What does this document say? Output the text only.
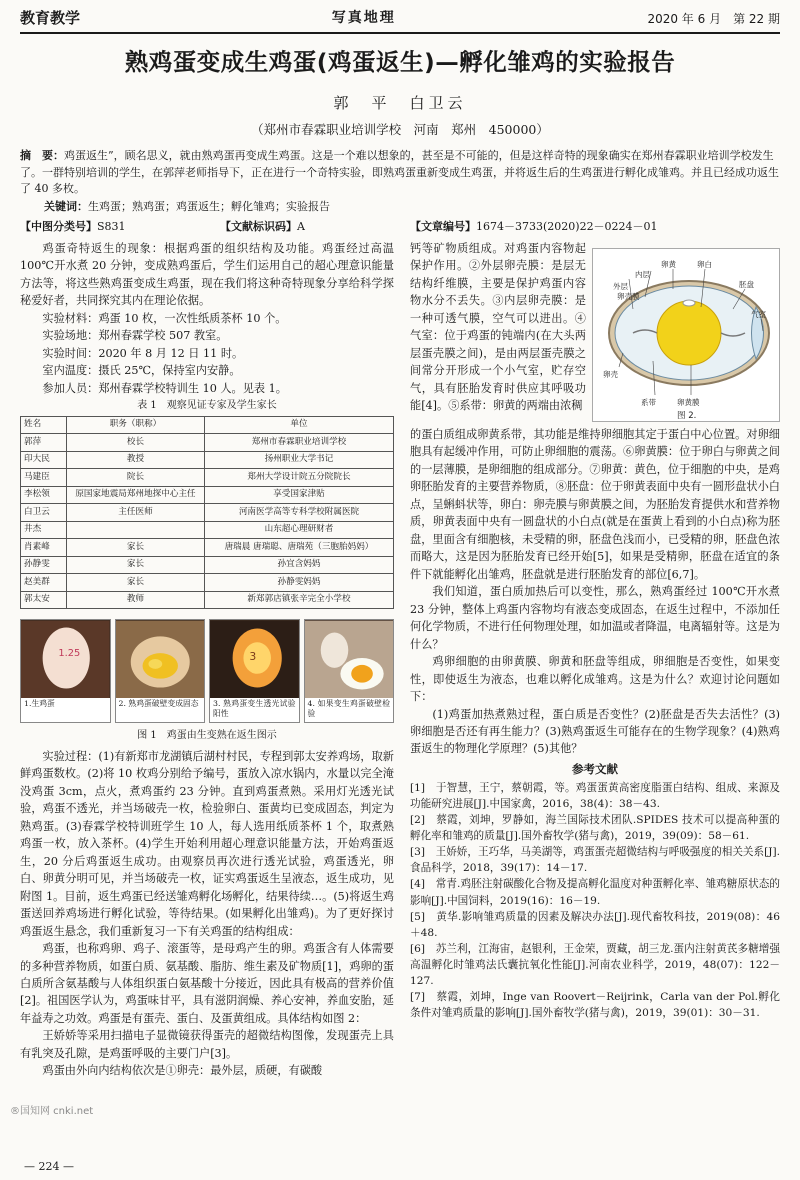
教育教学	写真地理	2020 年 6 月　第 22 期
熟鸡蛋变成生鸡蛋(鸡蛋返生)—孵化雏鸡的实验报告
郭　平　白卫云
（郑州市春霖职业培训学校　河南　郑州　450000）
摘　要：鸡蛋返生”，顾名思义，就由熟鸡蛋再变成生鸡蛋。这是一个难以想象的，甚至是不可能的，但是这样奇特的现象确实在郑州春霖职业培训学校发生了。一群特别培训的学生，在郭萍老师指导下，正在进行一个奇特实验，即熟鸡蛋重新变成生鸡蛋，并将返生后的生鸡蛋进行孵化成雏鸡。并且已经成功返生了 40 多枚。
关键词：生鸡蛋；熟鸡蛋；鸡蛋返生；孵化雏鸡；实验报告
【中图分类号】S831	【文献标识码】A	【文章编号】1674－3733(2020)22－0224－01

鸡蛋奇特返生的现象：根据鸡蛋的组织结构及功能。鸡蛋经过高温 100℃开水煮 20 分钟，变成熟鸡蛋后，学生们运用自己的超心理意识能量方法等，将这些熟鸡蛋变成生鸡蛋，现在我们将这种奇特现象分享给科学探秘爱好者，共同探究其内在理论依据。

实验材料：鸡蛋 10 枚，一次性纸质茶杯 10 个。

实验场地：郑州春霖学校 507 教室。

实验时间：2020 年 8 月 12 日 11 时。

室内温度：摄氏 25℃，保持室内安静。

参加人员：郑州春霖学校特训生 10 人。见表 1。

表 1　观察见证专家及学生家长
姓名	职务（职称）	单位
郭萍	校长	郑州市春霖职业培训学校
印大民	教授	扬州职业大学书记
马建臣	院长	郑州大学设计院五分院院长
李松领	原国家地震局郑州地探中心主任	享受国家津贴
白卫云	主任医师	河南医学高等专科学校附属医院
井杰		山东超心理研财者
肖素峰	家长	唐瑞晨 唐瑞聪、唐瑞苑（三胞胎妈妈）
孙静雯	家长	孙宜含妈妈
赵美群	家长	孙静雯妈妈
郭太安	教师	新郑郭店镇张辛完全小学校
1.25
1.生鸡蛋	2. 熟鸡蛋破壁变成固态
3
3. 熟鸡蛋变生透光试验阳性
4. 如果变生鸡蛋破壁检验
图 1　鸡蛋由生变熟在返生图示

实验过程：(1)有新郑市龙湖镇后湖村村民，专程到郭太安养鸡场，取新鲜鸡蛋数枚。(2)将 10 枚鸡分别给予编号，蛋放入凉水锅内，水量以完全淹没鸡蛋 3cm，点火，煮鸡蛋约 23 分钟。直到鸡蛋煮熟。采用灯光透光试验，鸡蛋不透光，并当场破壳一枚，检验卵白、蛋黄均已变成固态，判定为熟鸡蛋。(3)春霖学校特训班学生 10 人，每人选用纸质茶杯 1 个，取煮熟鸡蛋一枚，放入茶杯。(4)学生开始利用超心理意识能量方法，开始鸡蛋返生，20 分后鸡蛋返生成功。由观察员再次进行透光试验，鸡蛋透光，卵白、卵黄分明可见，并当场破壳一枚，证实鸡蛋返生呈液态，返生成功，见附图 1。目前，返生鸡蛋已经送雏鸡孵化场孵化，结果待续…。(5)将返生鸡蛋送回养鸡场进行孵化试验，等待结果。(如果孵化出雏鸡)。为了更好探讨鸡蛋返生悬念，我们重新复习一下有关鸡蛋的结构组成：

鸡蛋，也称鸡卵、鸡子、滚蛋等，是母鸡产生的卵。鸡蛋含有人体需要的多种营养物质，如蛋白质、氨基酸、脂肪、维生素及矿物质[1]，鸡卵的蛋白质所含氨基酸与人体组织蛋白氨基酸十分接近，因此具有极高的营养价值[2]。祖国医学认为，鸡蛋味甘平，具有滋阴润燥、养心安神，养血安胎，延年益寿之功效。鸡蛋是有蛋壳、蛋白、及蛋黄组成。具体结构如图 2：

王娇娇等采用扫描电子显微镜获得蛋壳的超微结构图像，发现蛋壳上具有乳突及孔隙，是鸡蛋呼吸的主要门户[3]。

鸡蛋由外向内结构依次是①卵壳：最外层，质硬，有碳酸

内层
外层
卵壳膜
卵黄	卵白
胚盘
气室
卵壳
系带	卵黄膜
图 2.

钙等矿物质组成。对鸡蛋内容物起保护作用。②外层卵壳膜：是层无结构纤维膜，主要是保护鸡蛋内容物水分不丢失。③内层卵壳膜：是一种可透气膜，空气可以进出。④气室：位于鸡蛋的钝端内(在大头两层蛋壳膜之间)，是由两层蛋壳膜之间常分开形成一个小气室，贮存空气，具有胚胎发育时供应其呼吸功能[4]。⑤系带：卵黄的两端由浓稠

的蛋白质组成卵黄系带，其功能是维持卵细胞其定于蛋白中心位置。对卵细胞具有起缓冲作用，可防止卵细胞的震荡。⑥卵黄膜：位于卵白与卵黄之间的一层薄膜，是卵细胞的组成部分。⑦卵黄：黄色，位于细胞的中央，是鸡卵胚胎发育的主要营养物质，⑧胚盘：位于卵黄表面中央有一圆形盘状小白点，呈蝌蚪状等，卵白：卵壳膜与卵黄膜之间，为胚胎发育提供水和营养物质，卵黄表面中央有一圆盘状的小白点(就是在蛋黄上看到的小白点)称为胚盘，里面含有细胞核，未受精的卵，胚盘色浅而小，已受精的卵，胚盘色浓而略大，这是因为胚胎发育已经开始[5]，如果是受精卵，胚盘在适宜的条件下就能孵化出雏鸡，胚盘就是进行胚胎发育的部位[6,7]。

我们知道，蛋白质加热后可以变性，那么，熟鸡蛋经过 100℃开水煮 23 分钟，整体上鸡蛋内容物均有液态变成固态，在返生过程中，不添加任何化学物质，不进行任何物理处理，如加温或者降温，电离辐射等。这是为什么？

鸡卵细胞的由卵黄膜、卵黄和胚盘等组成，卵细胞是否变性，如果变性，即使返生为液态，也难以孵化成雏鸡。这是为什么？欢迎讨论问题如下：

(1)鸡蛋加热煮熟过程，蛋白质是否变性？(2)胚盘是否失去活性？(3)卵细胞是否还有再生能力？(3)熟鸡蛋返生可能存在的生物学现象？(4)熟鸡蛋返生的物理化学原理？(5)其他？

参考文献

[1]　于智慧，王宁，蔡朝霞，等。鸡蛋蛋黄高密度脂蛋白结构、组成、来源及功能研究进展[J].中国家禽，2016，38(4)：38－43.
[2]　蔡霞，刘坤，罗静如，海兰国际技术团队.SPIDES 技术可以提高种蛋的孵化率和雏鸡的质量[J].国外畜牧学(猪与禽)，2019，39(09)：58－61.
[3]　王娇娇，王巧华，马美湖等，鸡蛋蛋壳超微结构与呼吸强度的相关关系[J].食品科学，2018，39(17)：14－17.
[4]　常青.鸡胚注射碳酸化合物及提高孵化温度对种蛋孵化率、雏鸡糖原状态的影响[J].中国饲料，2019(16)：16－19.
[5]　黄华.影响雏鸡质量的因素及解决办法[J].现代畜牧科技，2019(08)：46＋48.
[6]　苏兰利，江海宙，赵银利，王金荣，贾藏，胡三龙.蛋内注射黄芪多糖增强高温孵化时雏鸡法氏囊抗氧化性能[J].河南农业科学，2019，48(07)：122－127.
[7]　蔡霞，刘坤，Inge van Roovert－Reijrink，Carla van der Pol.孵化条件对雏鸡质量的影响[J].国外畜牧学(猪与禽)，2019，39(01)：30－31.
®国知网 cnki.net
— 224 —
